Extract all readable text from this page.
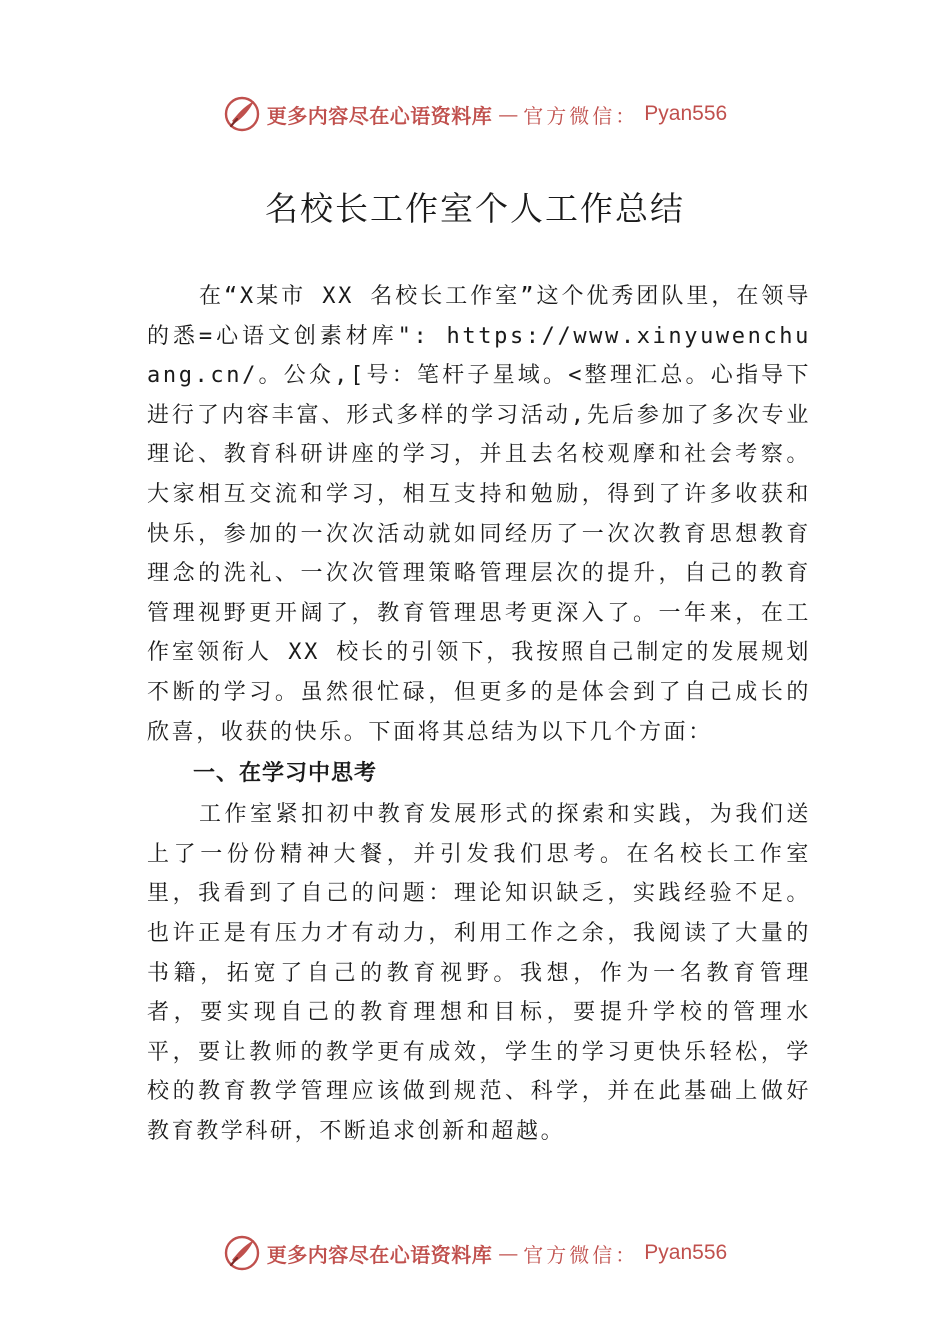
更多内容尽在心语资料库 — 官方微信： Pyan556
名校长工作室个人工作总结

在“X某市 XX 名校长工作室”这个优秀团队里，在领导的悉=心语文创素材库": https://www.xinyuwenchuang.cn/。公众,[号：笔杆子星域。<整理汇总。心指导下进行了内容丰富、形式多样的学习活动,先后参加了多次专业理论、教育科研讲座的学习，并且去名校观摩和社会考察。大家相互交流和学习，相互支持和勉励，得到了许多收获和快乐，参加的一次次活动就如同经历了一次次教育思想教育理念的洗礼、一次次管理策略管理层次的提升，自己的教育管理视野更开阔了，教育管理思考更深入了。一年来，在工作室领衔人 XX 校长的引领下，我按照自己制定的发展规划不断的学习。虽然很忙碌，但更多的是体会到了自己成长的欣喜，收获的快乐。下面将其总结为以下几个方面：

一、在学习中思考

工作室紧扣初中教育发展形式的探索和实践，为我们送上了一份份精神大餐，并引发我们思考。在名校长工作室里，我看到了自己的问题：理论知识缺乏，实践经验不足。也许正是有压力才有动力，利用工作之余，我阅读了大量的书籍，拓宽了自己的教育视野。我想，作为一名教育管理者，要实现自己的教育理想和目标，要提升学校的管理水平，要让教师的教学更有成效，学生的学习更快乐轻松，学校的教育教学管理应该做到规范、科学，并在此基础上做好教育教学科研，不断追求创新和超越。

更多内容尽在心语资料库 — 官方微信： Pyan556
